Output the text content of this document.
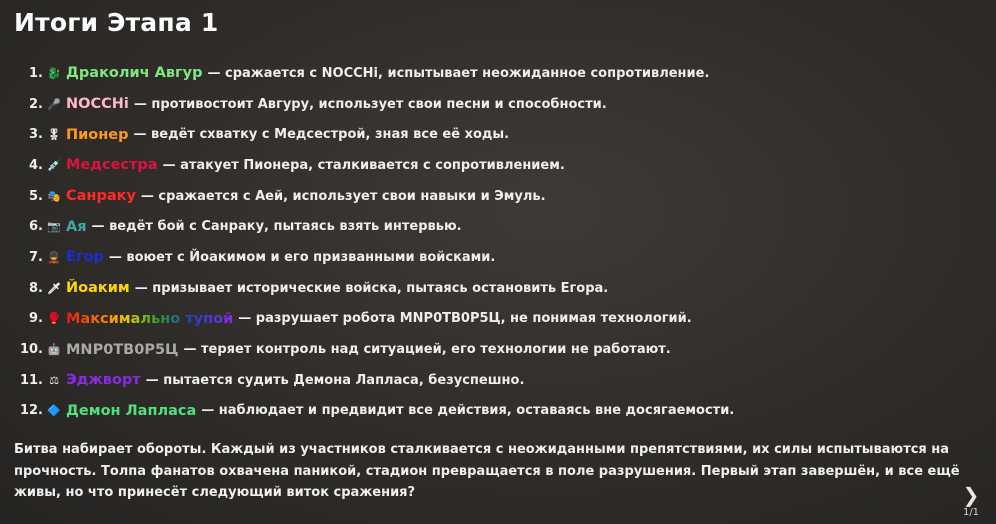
Итоги Этапа 1
1. 🐉 Драколич Авгур — сражается с NOCCHi, испытывает неожиданное сопротивление.
2. 🎤 NOCCHi — противостоит Авгуру, использует свои песни и способности.
3. 🎖 Пионер — ведёт схватку с Медсестрой, зная все её ходы.
4. 💉 Медсестра — атакует Пионера, сталкивается с сопротивлением.
5. 🎭 Санраку — сражается с Аей, использует свои навыки и Эмуль.
6. 📷 Ая — ведёт бой с Санраку, пытаясь взять интервью.
7. 💂 Егор — воюет с Йоакимом и его призванными войсками.
8. 🗡 Йоаким — призывает исторические войска, пытаясь остановить Егора.
9. 🥊 Максимально тупой — разрушает робота MNP0TB0P5Ц, не понимая технологий.
10. 🤖 MNP0TB0P5Ц — теряет контроль над ситуацией, его технологии не работают.
11. ⚖ Эджворт — пытается судить Демона Лапласа, безуспешно.
12. 🔷 Демон Лапласа — наблюдает и предвидит все действия, оставаясь вне досягаемости.
Битва набирает обороты. Каждый из участников сталкивается с неожиданными препятствиями, их силы испытываются на прочность. Толпа фанатов охвачена паникой, стадион превращается в поле разрушения. Первый этап завершён, и все ещё живы, но что принесёт следующий виток сражения?	❯
1/1
